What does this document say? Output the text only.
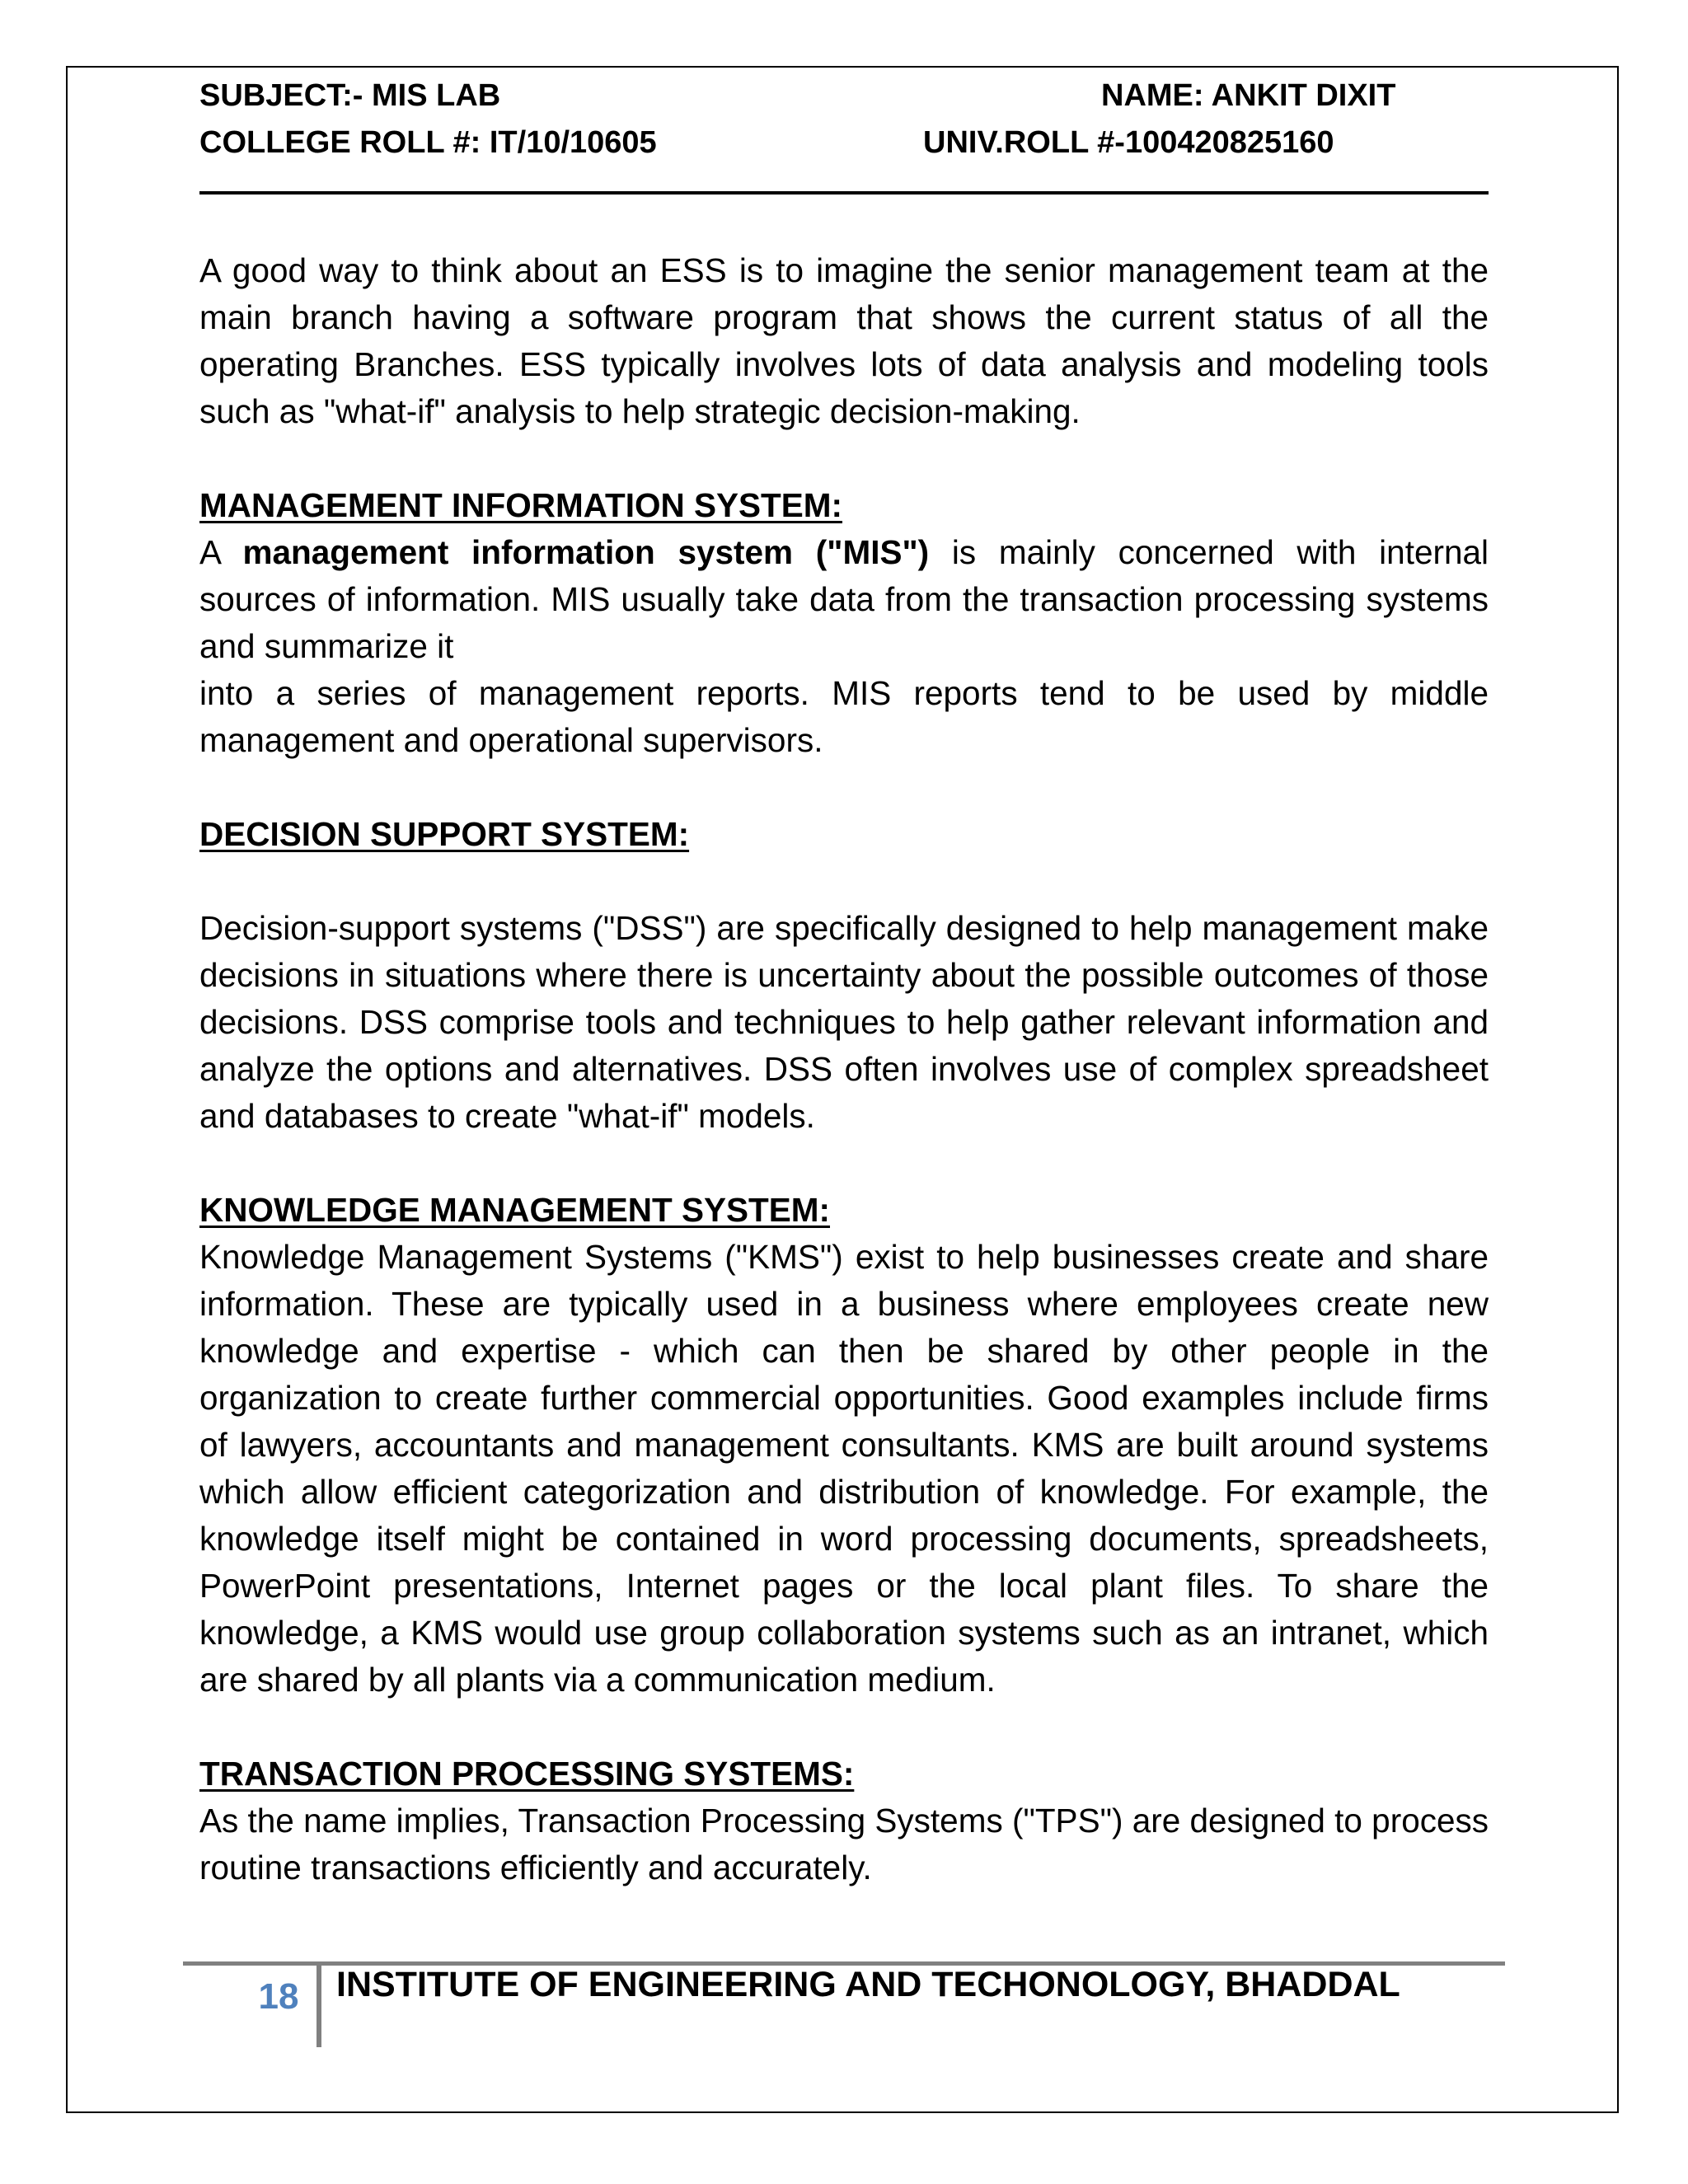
SUBJECT:- MIS LAB	NAME: ANKIT DIXIT
COLLEGE ROLL #: IT/10/10605	UNIV.ROLL #-100420825160

A good way to think about an ESS is to imagine the senior management team at the main branch having a software program that shows the current status of all the operating Branches. ESS typically involves lots of data analysis and modeling tools such as "what-if" analysis to help strategic decision-making.

MANAGEMENT INFORMATION SYSTEM:

A management information system ("MIS") is mainly concerned with internal sources of information. MIS usually take data from the transaction processing systems and summarize it

into a series of management reports. MIS reports tend to be used by middle management and operational supervisors.

DECISION SUPPORT SYSTEM:

Decision-support systems ("DSS") are specifically designed to help management make decisions in situations where there is uncertainty about the possible outcomes of those decisions. DSS comprise tools and techniques to help gather relevant information and analyze the options and alternatives. DSS often involves use of complex spreadsheet and databases to create "what-if" models.

KNOWLEDGE MANAGEMENT SYSTEM:

Knowledge Management Systems ("KMS") exist to help businesses create and share information. These are typically used in a business where employees create new knowledge and expertise - which can then be shared by other people in the organization to create further commercial opportunities. Good examples include firms of lawyers, accountants and management consultants. KMS are built around systems which allow efficient categorization and distribution of knowledge. For example, the knowledge itself might be contained in word processing documents, spreadsheets, PowerPoint presentations, Internet pages or the local plant files. To share the knowledge, a KMS would use group collaboration systems such as an intranet, which are shared by all plants via a communication medium.

TRANSACTION PROCESSING SYSTEMS:

As the name implies, Transaction Processing Systems ("TPS") are designed to process routine transactions efficiently and accurately.

18	INSTITUTE OF ENGINEERING AND TECHONOLOGY, BHADDAL
